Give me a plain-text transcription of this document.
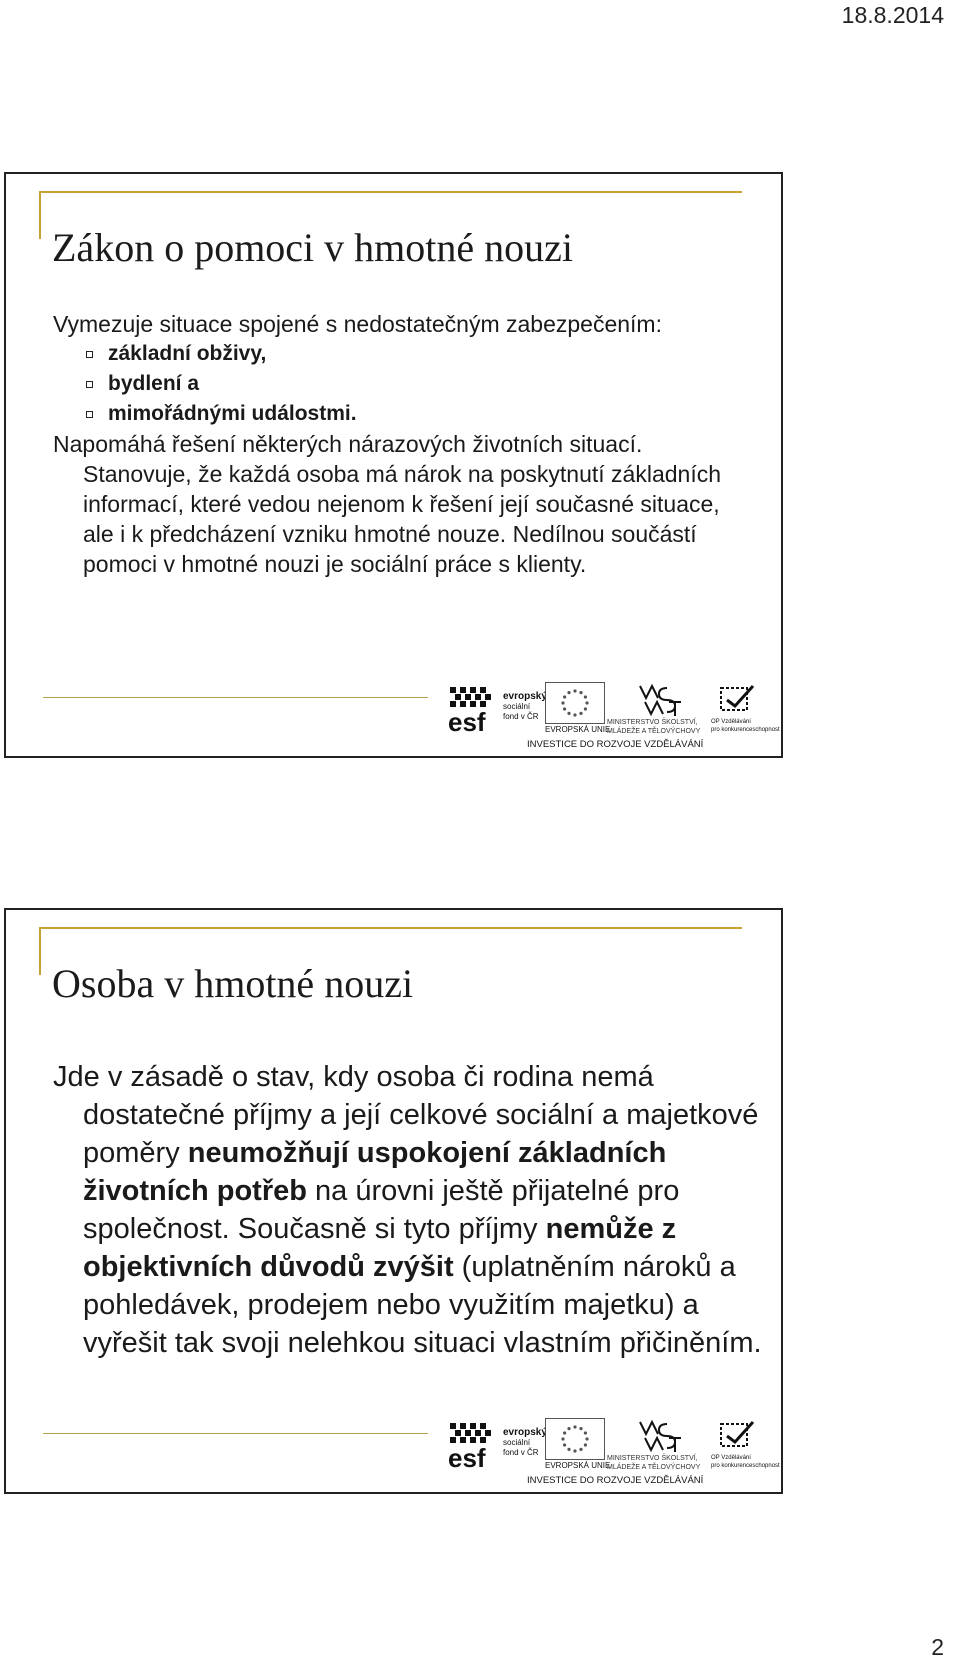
18.8.2014
Zákon o pomoci v hmotné nouzi

Vymezuje situace spojené s nedostatečným zabezpečením:

základní obživy,
bydlení a
mimořádnými událostmi.

Napomáhá řešení některých nárazových životních situací. Stanovuje, že každá osoba má nárok na poskytnutí základních informací, které vedou nejenom k řešení její současné situace, ale i k předcházení vzniku hmotné nouze. Nedílnou součástí pomoci v hmotné nouzi je sociální práce s klienty.

esf
evropský
sociální
fond v ČR
EVROPSKÁ UNIE
MINISTERSTVO ŠKOLSTVÍ,
MLÁDEŽE A TĚLOVÝCHOVY
OP Vzdělávání
pro konkurenceschopnost
INVESTICE DO ROZVOJE VZDĚLÁVÁNÍ
Osoba v hmotné nouzi
Jde v zásadě o stav, kdy osoba či rodina nemá dostatečné příjmy a její celkové sociální a majetkové poměry neumožňují uspokojení základních životních potřeb na úrovni ještě přijatelné pro společnost. Současně si tyto příjmy nemůže z objektivních důvodů zvýšit (uplatněním nároků a pohledávek, prodejem nebo využitím majetku) a vyřešit tak svoji nelehkou situaci vlastním přičiněním.
esf
evropský
sociální
fond v ČR
EVROPSKÁ UNIE
MINISTERSTVO ŠKOLSTVÍ,
MLÁDEŽE A TĚLOVÝCHOVY
OP Vzdělávání
pro konkurenceschopnost
INVESTICE DO ROZVOJE VZDĚLÁVÁNÍ
2
